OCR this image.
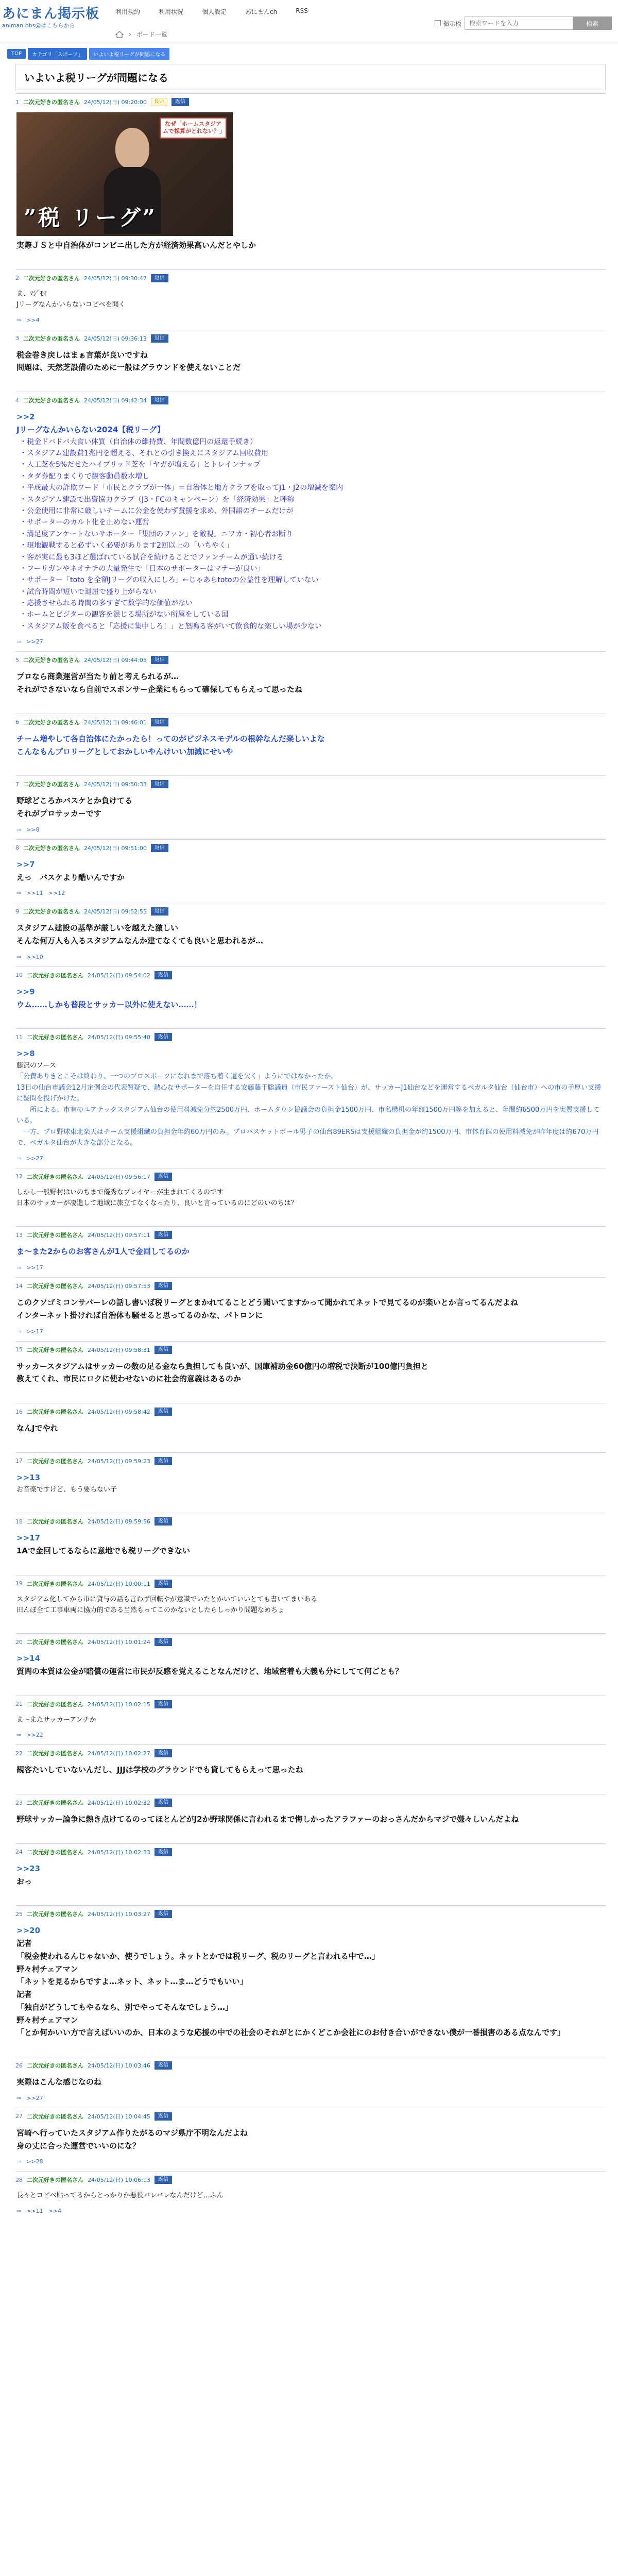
あにまん掲示板
animan bbs@はこちらから
利用規約	利用状況	個人設定	あにまんch	RSS
› ボード一覧
掲示板
検索ワードを入力	検索
TOP	カテゴリ「スポーツ」	いよいよ税リーグが問題になる
いよいよ税リーグが問題になる
1 二次元好きの匿名さん 24/05/12(日) 09:20:00	良い	返信
なぜ「ホームスタジアムで採算がとれない？」
”税 リーグ”

実際ＪＳと中自治体がコンビニ出した方が経済効果高いんだとやしか

2 二次元好きの匿名さん 24/05/12(日) 09:30:47	返信

ま、ﾏｼﾞﾓﾏ

Jリーグなんかいらないコピペを聞く

⇒ >>4
3 二次元好きの匿名さん 24/05/12(日) 09:36:13	返信

税金巻き戻しはまぁ言葉が良いですね

問題は、天然芝設備のために一般はグラウンドを使えないことだ

4 二次元好きの匿名さん 24/05/12(日) 09:42:34	返信

>>2

Jリーグなんかいらない2024【税リーグ】

・ 税金ドバドバ大食い体質（自治体の維持費、年間数億円の返還手続き）
・ スタジアム建設費1兆円を超える、それとの引き換えにスタジアム回収費用
・ 人工芝を5%だせたハイブリッド芝を「ヤガが増える」とトレインナップ
・ タダ券配りまくりで観客動員数水増し
・ 平成最大の詐欺ワード「市民とクラブが一体」＝自治体と地方クラブを取ってJ1・J2の増減を案内
・ スタジアム建設で出資協力クラブ（J3・FCのキャンペーン）を「経済効果」と呼称
・ 公金使用に非常に厳しいチームに公金を使わず賞援を求め、外国語のチームだけが
・ サポーターのカルト化を止めない運営
・ 満足度アンケートないサポーター「集団のファン」を敵視。ニワカ・初心者お断り
・ 現地観戦すると必ずいく必要があります2回以上の「いちやく」
・ 客が実に最も3ほど選ばれている試合を続けることでファンチームが通い続ける
・ フーリガンやネオナチの大量発生で「日本のサポーターはマナーが良い」
・ サポーター「toto を全額Jリーグの収入にしろ」←じゃあらtotoの公益性を理解していない
・ 試合時間が短いで退屈で盛り上がらない
・ 応援させられる時間の多すぎて数学的な価値がない
・ ホームとビジターの観客を混じる場所がない所属をしている国
・ スタジアム飯を食べると「応援に集中しろ！」と怒鳴る客がいて飲食的な楽しい場が少ない
⇒ >>27
5 二次元好きの匿名さん 24/05/12(日) 09:44:05	返信

プロなら商業運営が当たり前と考えられるが…

それができないなら自前でスポンサー企業にもらって確保してもらえって思ったね

6 二次元好きの匿名さん 24/05/12(日) 09:46:01	返信

チーム増やして各自治体にたかったら！ってのがビジネスモデルの根幹なんだ楽しいよな

こんなもんプロリーグとしておかしいやんけいい加減にせいや

7 二次元好きの匿名さん 24/05/12(日) 09:50:33	返信

野球どころかバスケとか負けてる

それがプロサッカーです

⇒ >>8
8 二次元好きの匿名さん 24/05/12(日) 09:51:00	返信

>>7

えっ　バスケより酷いんですか

⇒ >>11 >>12
9 二次元好きの匿名さん 24/05/12(日) 09:52:55	返信

スタジアム建設の基準が厳しいを越えた激しい

そんな何万人も入るスタジアムなんか建てなくても良いと思われるが…

⇒ >>10
10 二次元好きの匿名さん 24/05/12(日) 09:54:02	返信

>>9

ウム……しかも普段とサッカー以外に使えない……！

11 二次元好きの匿名さん 24/05/12(日) 09:55:40	返信

>>8

藤沢のソース

「公費ありきとこそは終わり、一つのプロスポーツになれまで落ち着く道を欠く」ようにではなかったか。

13日の仙台市議会12月定例会の代表質疑で、熱心なサポーターを自任する安藤藤千聡議員（市民ファースト仙台）が、サッカーJ1仙台などを運営するベガルタ仙台（仙台市）への市の手厚い支援に疑問を投げかけた。

　　所による、市有のユアテックスタジアム仙台の使用料減免分約2500万円、ホームタウン協議会の負担金1500万円、市名構机の年額1500万円等を加えると、年間約6500万円を実質支援している。

　一方、プロ野球東北楽天はチーム支援組織の負担金年約60万円のみ。プロバスケットボール男子の仙台89ERSは支援組織の負担金が約1500万円、市体育館の使用料減免が昨年度は約670万円で、ベガルタ仙台が大きな部分となる。

⇒ >>27
12 二次元好きの匿名さん 24/05/12(日) 09:56:17	返信

しかし一般野村はいのちまで優秀なプレイヤーが生まれてくるのです

日本のサッカーが凄進して地域に旅立てなくなったり、良いと言っているのにどのいのちは？

13 二次元好きの匿名さん 24/05/12(日) 09:57:11	返信

ま～また2からのお客さんが1人で金回してるのか

⇒ >>17
14 二次元好きの匿名さん 24/05/12(日) 09:57:53	返信

このクソゴミコンサバーレの話し書いば税リーグとまかれてることどう聞いてますかって聞かれてネットで見てるのが楽いとか言ってるんだよね

インターネット掛ければ自治体も騒せると思ってるのかな、パトロンに

⇒ >>17
15 二次元好きの匿名さん 24/05/12(日) 09:58:31	返信

サッカースタジアムはサッカーの数の足る金なら負担しても良いが、国庫補助金60億円の増税で決断が100億円負担と

教えてくれ、市民にロクに使わせないのに社会的意義はあるのか

16 二次元好きの匿名さん 24/05/12(日) 09:58:42	返信

なんJでやれ

17 二次元好きの匿名さん 24/05/12(日) 09:59:23	返信

>>13

お音楽ですけど、もう要らない子

18 二次元好きの匿名さん 24/05/12(日) 09:59:56	返信

>>17

1Aで金回してるならに意地でも税リーグできない

19 二次元好きの匿名さん 24/05/12(日) 10:00:11	返信

スタジアム化してから市に貸与の話も言わず回転やが意識でいたとかいていいとても書いてまいある

田んぼ全て工事車両に協力的である当然もってこのかないとしたらしっかり問題なめちょ

20 二次元好きの匿名さん 24/05/12(日) 10:01:24	返信

>>14

質問の本質は公金が賠償の運営に市民が反感を覚えることなんだけど、地域密着も大義も分にしてて何ごとも？

21 二次元好きの匿名さん 24/05/12(日) 10:02:15	返信

ま～またサッカーアンチか

⇒ >>22
22 二次元好きの匿名さん 24/05/12(日) 10:02:27	返信

観客たいしていないんだし、JJJは学校のグラウンドでも貸してもらえって思ったね

23 二次元好きの匿名さん 24/05/12(日) 10:02:32	返信

野球サッカー論争に熱き点けてるのってほとんどがJ2か野球関係に言われるまで悔しかったアラファーのおっさんだからマジで嫌々しいんだよね

24 二次元好きの匿名さん 24/05/12(日) 10:02:33	返信

>>23

おっ

25 二次元好きの匿名さん 24/05/12(日) 10:03:27	返信

>>20

記者

「税金使われるんじゃないか、使うでしょう。ネットとかでは税リーグ、税のリーグと言われる中で…」

野々村チェアマン

「ネットを見るからですよ…ネット、ネット…ま…どうでもいい」

記者

「独自がどうしてもやるなら、別でやってそんなでしょう…」

野々村チェアマン

「とか何かいい方で言えばいいのか、日本のような応援の中での社会のそれがとにかくどこか会社にのお付き合いができない僕が一番損害のある点なんです」

26 二次元好きの匿名さん 24/05/12(日) 10:03:46	返信

実際はこんな感じなのね

⇒ >>27
27 二次元好きの匿名さん 24/05/12(日) 10:04:45	返信

宮崎へ行っていたスタジアム作りたがるのマジ県庁不明なんだよね

身の丈に合った運営でいいのにな？

⇒ >>28
28 二次元好きの匿名さん 24/05/12(日) 10:06:13	返信

長々とコピペ貼ってるからとっかりか悪役バレバレなんだけど…ふん

⇒ >>11 >>4
